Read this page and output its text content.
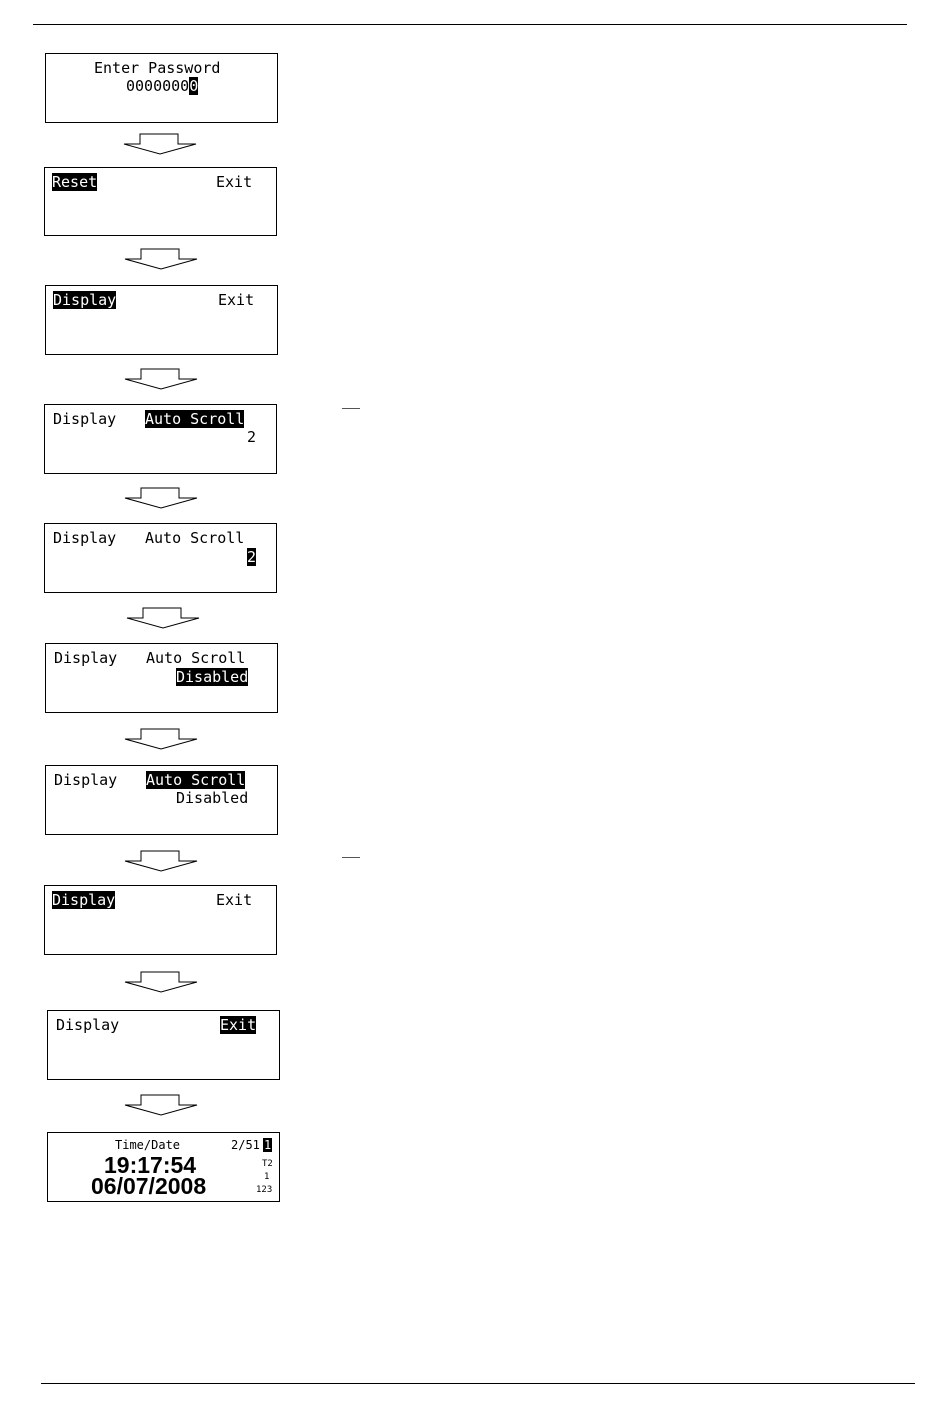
Enter Password
00000000
Reset	Exit
Display	Exit
Display Auto Scroll
2
Display Auto Scroll
2
Display Auto Scroll
Disabled
Display Auto Scroll
Disabled
Display	Exit
Display	Exit
Time/Date	2/51 1
19:17:54
06/07/2008
T2
1
123
